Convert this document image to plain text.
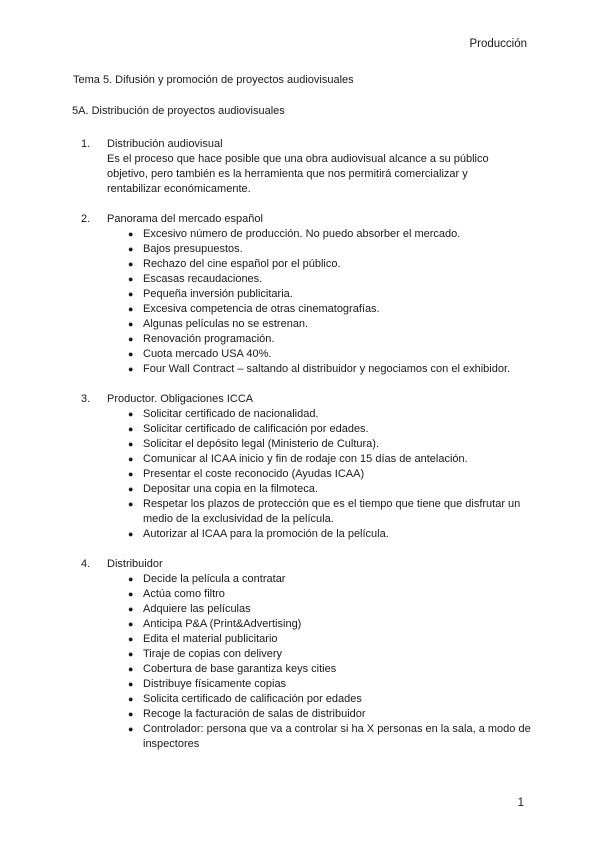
Producción

Tema 5. Difusión y promoción de proyectos audiovisuales

5A. Distribución de proyectos audiovisuales

1. Distribución audiovisual
Es el proceso que hace posible que una obra audiovisual alcance a su público objetivo, pero también es la herramienta que nos permitirá comercializar y rentabilizar económicamente.
2. Panorama del mercado español
● Excesivo número de producción. No puedo absorber el mercado.
● Bajos presupuestos.
● Rechazo del cine español por el público.
● Escasas recaudaciones.
● Pequeña inversión publicitaria.
● Excesiva competencia de otras cinematografías.
● Algunas películas no se estrenan.
● Renovación programación.
● Cuota mercado USA 40%.
● Four Wall Contract – saltando al distribuidor y negociamos con el exhibidor.
3. Productor. Obligaciones ICCA
● Solicitar certificado de nacionalidad.
● Solicitar certificado de calificación por edades.
● Solicitar el depósito legal (Ministerio de Cultura).
● Comunicar al ICAA inicio y fin de rodaje con 15 días de antelación.
● Presentar el coste reconocido (Ayudas ICAA)
● Depositar una copia en la filmoteca.
● Respetar los plazos de protección que es el tiempo que tiene que disfrutar un medio de la exclusividad de la película.
● Autorizar al ICAA para la promoción de la película.
4. Distribuidor
● Decide la película a contratar
● Actúa como filtro
● Adquiere las películas
● Anticipa P&A (Print&Advertising)
● Edita el material publicitario
● Tiraje de copias con delivery
● Cobertura de base garantiza keys cities
● Distribuye físicamente copias
● Solicita certificado de calificación por edades
● Recoge la facturación de salas de distribuidor
● Controlador: persona que va a controlar si ha X personas en la sala, a modo de inspectores
1
